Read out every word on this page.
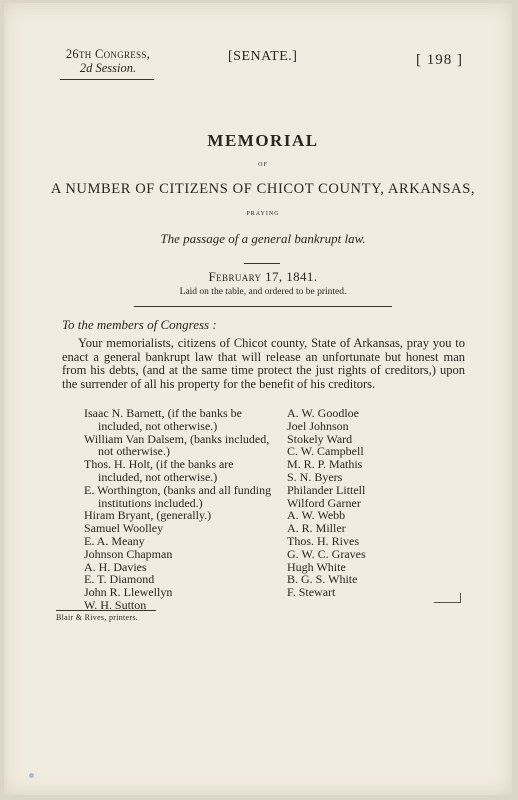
26th Congress,
2d Session.
[SENATE.]	[ 198 ]
MEMORIAL
OF
A NUMBER OF CITIZENS OF CHICOT COUNTY, ARKANSAS,
PRAYING
The passage of a general bankrupt law.
February 17, 1841.
Laid on the table, and ordered to be printed.
To the members of Congress :
Your memorialists, citizens of Chicot county, State of Arkansas, pray you to enact a general bankrupt law that will release an unfortunate but honest man from his debts, (and at the same time protect the just rights of creditors,) upon the surrender of all his property for the benefit of his creditors.

Isaac N. Barnett, (if the banks be included, not otherwise.)

William Van Dalsem, (banks included, not otherwise.)

Thos. H. Holt, (if the banks are included, not otherwise.)

E. Worthington, (banks and all funding institutions included.)

Hiram Bryant, (generally.)

Samuel Woolley

E. A. Meany

Johnson Chapman

A. H. Davies

E. T. Diamond

John R. Llewellyn

W. H. Sutton

A. W. Goodloe

Joel Johnson

Stokely Ward

C. W. Campbell

M. R. P. Mathis

S. N. Byers

Philander Littell

Wilford Garner

A. W. Webb

A. R. Miller

Thos. H. Rives

G. W. C. Graves

Hugh White

B. G. S. White

F. Stewart

Blair & Rives, printers.
